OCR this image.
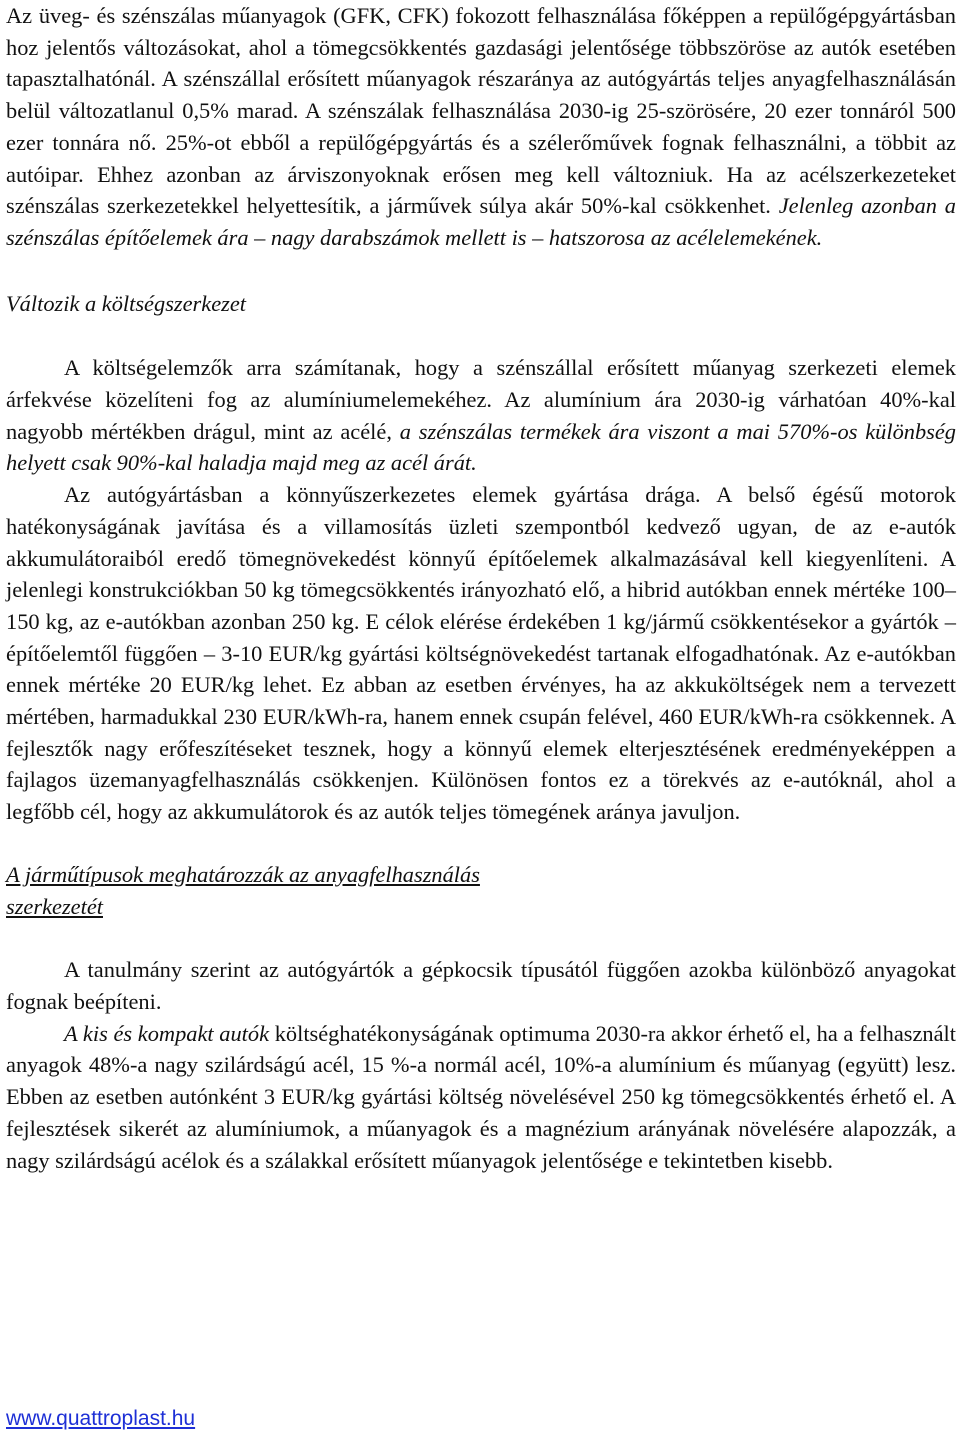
Az üveg- és szénszálas műanyagok (GFK, CFK) fokozott felhasználása főképpen a repülőgépgyártásban hoz jelentős változásokat, ahol a tömegcsökkentés gazdasági jelentősége többszöröse az autók esetében tapasztalhatónál. A szénszállal erősített műanyagok részaránya az autógyártás teljes anyagfelhasználásán belül változatlanul 0,5% marad. A szénszálak felhasználása 2030-ig 25-szörösére, 20 ezer tonnáról 500 ezer tonnára nő. 25%-ot ebből a repülőgépgyártás és a szélerőművek fognak felhasználni, a többit az autóipar. Ehhez azonban az árviszonyoknak erősen meg kell változniuk. Ha az acélszerkezeteket szénszálas szerkezetekkel helyettesítik, a járművek súlya akár 50%-kal csökkenhet. Jelenleg azonban a szénszálas építőelemek ára – nagy darabszámok mellett is – hatszorosa az acélelemekének.

Változik a költségszerkezet

A költségelemzők arra számítanak, hogy a szénszállal erősített műanyag szerkezeti elemek árfekvése közelíteni fog az alumíniumelemekéhez. Az alumínium ára 2030-ig várhatóan 40%-kal nagyobb mértékben drágul, mint az acélé, a szénszálas termékek ára viszont a mai 570%-os különbség helyett csak 90%-kal haladja majd meg az acél árát.

Az autógyártásban a könnyűszerkezetes elemek gyártása drága. A belső égésű motorok hatékonyságának javítása és a villamosítás üzleti szempontból kedvező ugyan, de az e-autók akkumulátoraiból eredő tömegnövekedést könnyű építőelemek alkalmazásával kell kiegyenlíteni. A jelenlegi konstrukciókban 50 kg tömegcsökkentés irányozható elő, a hibrid autókban ennek mértéke 100–150 kg, az e-autókban azonban 250 kg. E célok elérése érdekében 1 kg/jármű csökkentésekor a gyártók – építőelemtől függően – 3-10 EUR/kg gyártási költségnövekedést tartanak elfogadhatónak. Az e-autókban ennek mértéke 20 EUR/kg lehet. Ez abban az esetben érvényes, ha az akkuköltségek nem a tervezett mértében, harmadukkal 230 EUR/kWh-ra, hanem ennek csupán felével, 460 EUR/kWh-ra csökkennek. A fejlesztők nagy erőfeszítéseket tesznek, hogy a könnyű elemek elterjesztésének eredményeképpen a fajlagos üzemanyagfelhasználás csökkenjen. Különösen fontos ez a törekvés az e-autóknál, ahol a legfőbb cél, hogy az akkumulátorok és az autók teljes tömegének aránya javuljon.

A járműtípusok meghatározzák az anyagfelhasználás
szerkezetét

A tanulmány szerint az autógyártók a gépkocsik típusától függően azokba különböző anyagokat fognak beépíteni.

A kis és kompakt autók költséghatékonyságának optimuma 2030-ra akkor érhető el, ha a felhasznált anyagok 48%-a nagy szilárdságú acél, 15 %-a normál acél, 10%-a alumínium és műanyag (együtt) lesz. Ebben az esetben autónként 3 EUR/kg gyártási költség növelésével 250 kg tömegcsökkentés érhető el. A fejlesztések sikerét az alumíniumok, a műanyagok és a magnézium arányának növelésére alapozzák, a nagy szilárdságú acélok és a szálakkal erősített műanyagok jelentősége e tekintetben kisebb.

www.quattroplast.hu
